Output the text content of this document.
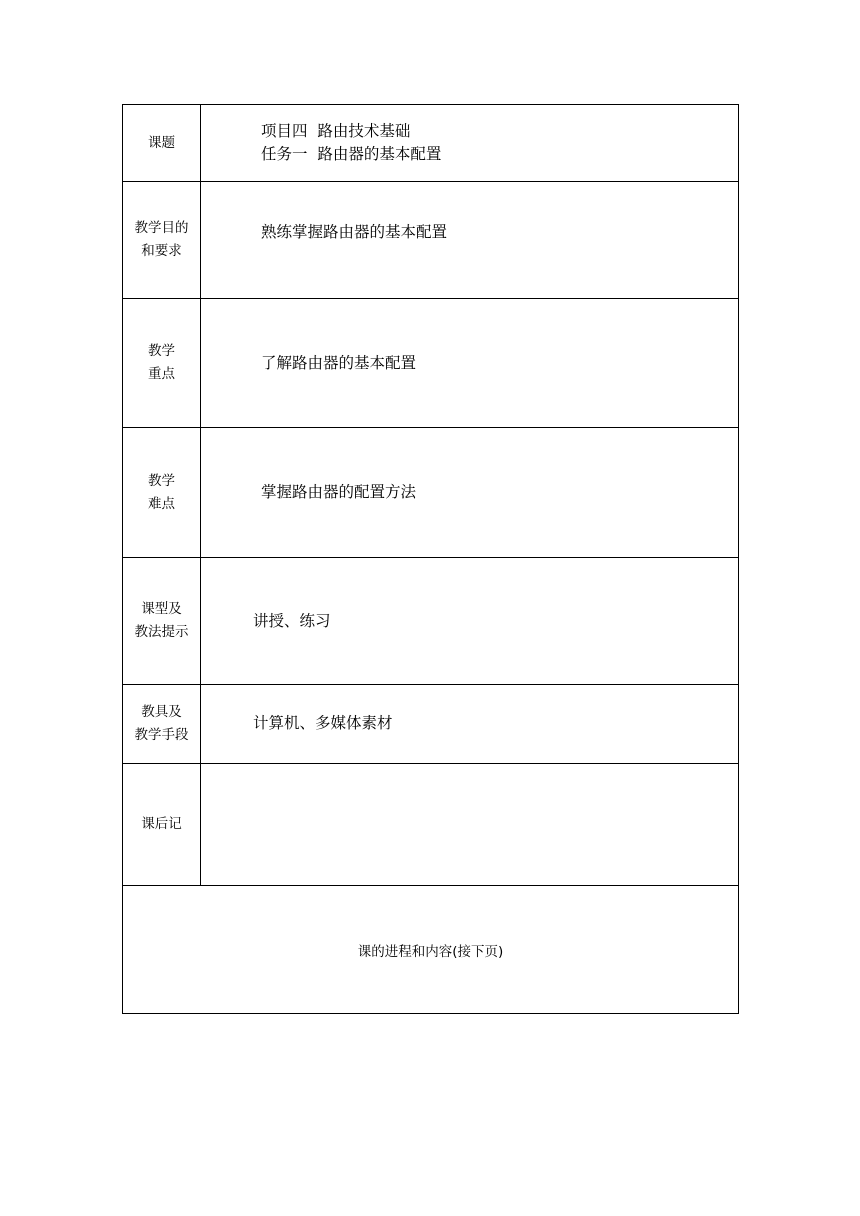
课题	项目四  路由技术基础
任务一  路由器的基本配置

教学目的
和要求	熟练掌握路由器的基本配置

教学
重点	了解路由器的基本配置

教学
难点	掌握路由器的配置方法

课型及
教法提示	讲授、练习

教具及
教学手段	计算机、多媒体素材

课后记	

课的进程和内容(接下页)	
